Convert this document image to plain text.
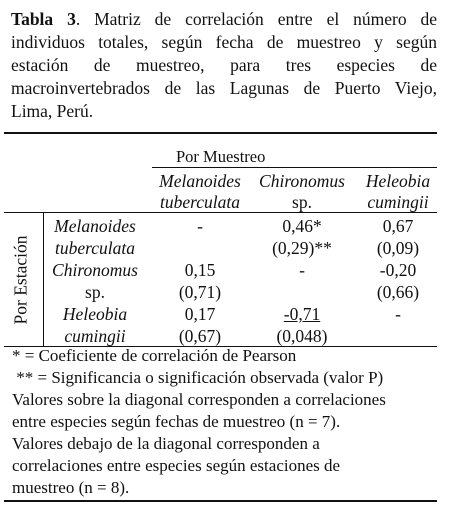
Tabla 3. Matriz de correlación entre el número de
individuos totales, según fecha de muestreo y según
estación de muestreo, para tres especies de
macroinvertebrados de las Lagunas de Puerto Viejo,
Lima, Perú.
Por Muestreo
Melanoides
tuberculata
Chironomus
sp.
Heleobia
cumingii
Por Estación
Melanoides
tuberculata
-	0,46*
(0,29)**
0,67
(0,09)
Chironomus
sp.
0,15
(0,71)
-	-0,20
(0,66)
Heleobia
cumingii
0,17
(0,67)
-0,71
(0,048)
-
* = Coeficiente de correlación de Pearson
** = Significancia o significación observada (valor P)
Valores sobre la diagonal corresponden a correlaciones
entre especies según fechas de muestreo (n = 7).
Valores debajo de la diagonal corresponden a
correlaciones entre especies según estaciones de
muestreo (n = 8).
